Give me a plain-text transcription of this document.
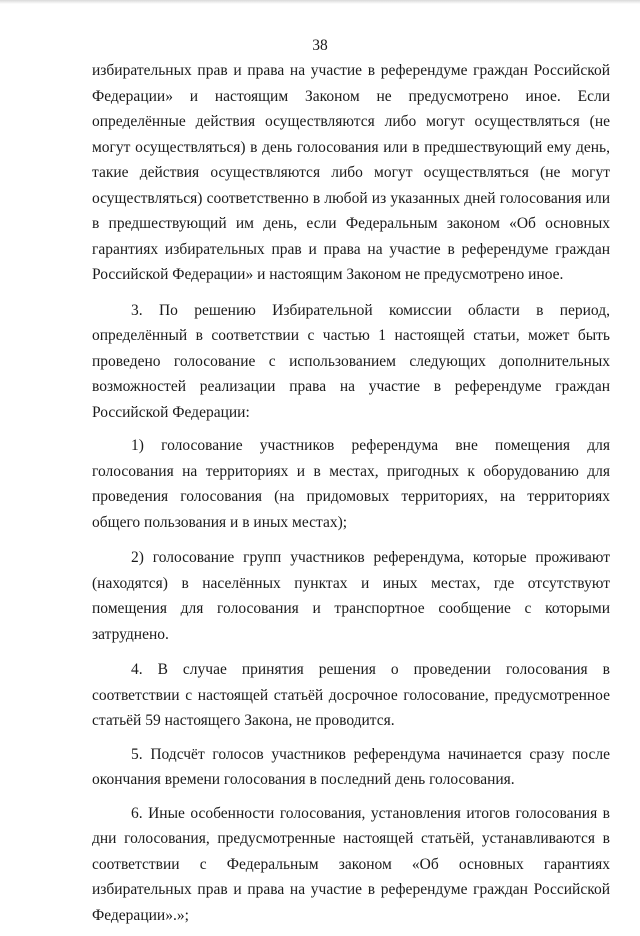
38

избирательных прав и права на участие в референдуме граждан Российской Федерации» и настоящим Законом не предусмотрено иное. Если определённые действия осуществляются либо могут осуществляться (не могут осуществляться) в день голосования или в предшествующий ему день, такие действия осуществляются либо могут осуществляться (не могут осуществляться) соответственно в любой из указанных дней голосования или в предшествующий им день, если Федеральным законом «Об основных гарантиях избирательных прав и права на участие в референдуме граждан Российской Федерации» и настоящим Законом не предусмотрено иное.

3. По решению Избирательной комиссии области в период, определённый в соответствии с частью 1 настоящей статьи, может быть проведено голосование с использованием следующих дополнительных возможностей реализации права на участие в референдуме граждан Российской Федерации:

1) голосование участников референдума вне помещения для голосования на территориях и в местах, пригодных к оборудованию для проведения голосования (на придомовых территориях, на территориях общего пользования и в иных местах);

2) голосование групп участников референдума, которые проживают (находятся) в населённых пунктах и иных местах, где отсутствуют помещения для голосования и транспортное сообщение с которыми затруднено.

4. В случае принятия решения о проведении голосования в соответствии с настоящей статьёй досрочное голосование, предусмотренное статьёй 59 настоящего Закона, не проводится.

5. Подсчёт голосов участников референдума начинается сразу после окончания времени голосования в последний день голосования.

6. Иные особенности голосования, установления итогов голосования в дни голосования, предусмотренные настоящей статьёй, устанавливаются в соответствии с Федеральным законом «Об основных гарантиях избирательных прав и права на участие в референдуме граждан Российской Федерации».»;
